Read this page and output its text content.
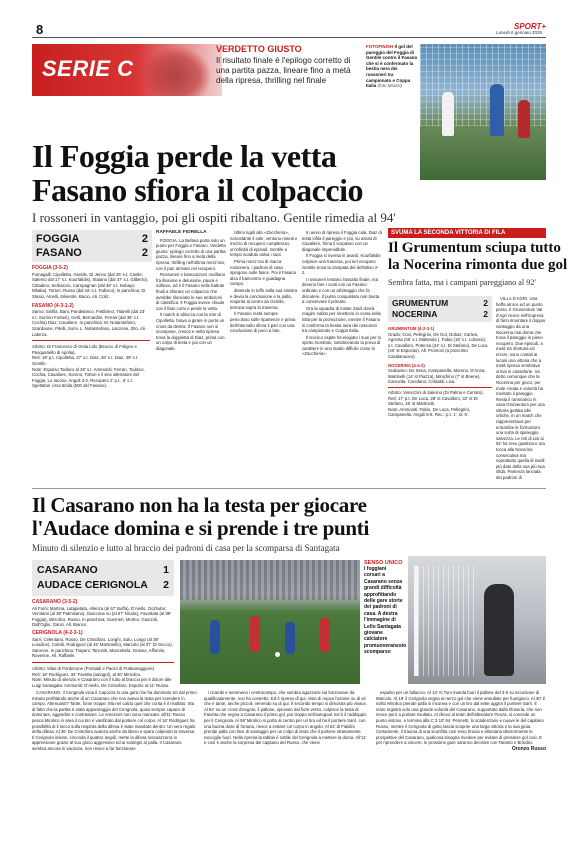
8	SPORT+
Lunedì 6 gennaio 2025
SERIE C
VERDETTO GIUSTO
Il risultato finale è l'epilogo corretto di una partita pazza, lineare fino a metà della ripresa, thrilling nel finale
FOTOFINISH Il gol del pareggio del Foggia di Gentile contro il Fasano che si è confermato la bestia nera dei rossoneri tra campionato e Coppa Italia (foto Maizzi)
Il Foggia perde la vetta
Fasano sfiora il colpaccio
I rossoneri in vantaggio, poi gli ospiti ribaltano. Gentile rimedia al 94'
FOGGIA	2
FASANO	2
FOGGIA (3-5-2)
Fumagalli; Cipolletta, Gentile, Di Jenno (dal 25' s.t. Castle; Salerno dal 17' s.t. Kourfalidis), Staiano (dal 37' s.t. Gilberto), Cittadino, Serbaccio, Carnpagnan (dal 38' s.t. Nobayo Mbaka), Tortori, Russo (dal 16' s.t. Todisco); In panchina: Di Stasio, Amelli, Silvestre, Bacio, Ali. Coliz.
FASANO (4-3-1-2)
Sarno; Sinfila, Bani, Pandelanco, Fiebbrino; Titarelli (dal 23' s.t. Sorrino Fortieri), Gerli, Bernardini, Ferrari (dal 38' s.t. Cochia) Diaz; Cavaliere. In panchina: M. Notarstefano, Scardaone, Pitelli, Somi, L. Notarstefano, Lanzone, Zito, Ali. Laterza.
Arbitro: Di Francesco di Ostia Lido (Bracco di Foligno e Pasquariello di Aprilia).
Reti: 19' p.t. Cipolletta, 27' s.t. Diaz, 36' s.t. Diaz, 49' s.t. Gentile.
Note: Espulso Todisco al 28' s.t. Ammoniti: Ferrari, Todisco, Cochia, Cavaliere, Sorrino, Tortori e il vice allenatore del Foggia, Lo Iacono. Angoli 3-2. Recupero 2' p.t., 6' s.t. Spettatori circa 6mila (500 del Fasano).
RAFFAELE FIORELLA

FOGGIA. La Befana porta solo un punto per Foggia e Fasano. Verdetto giusto: epilogo corretto di una partita pazza, lineare fino a metà della ripresa, thrilling nell'ultima mezz'ora, con il pari arrivato nel recupero.

Rossoneri e biancazzurri oscillano fra illusione e delusione, paura e sollievo, ed è il Fasano nelle battute finali a sfiorare un colpaccio che avrebbe rilanciato le sue ambizioni di classifica. Il Foggia invece chiude con il fiato corto e perde la vetta.

Il match si sblocca con la rete di Cipolletta, bravo a girare in porta un cross da destra. Il Fasano non si scompone, cresce e nella ripresa trova la doppietta di Diaz, prima con un colpo di testa e poi con un diagonale.

Ultimi rigidi allo «Zaccheria», nonostante il sole, ventuno minuti e mezzo di recupero complessivi, un'infinità di episodi. Gentile a tempo scaduto salva i suoi.

Prima mezz'ora di marca rossonera, i padroni di casa spingono sulle fasce. Poi il Fasano alza il baricentro e guadagna campo.

distende in tuffo sulla sua sinistra e devia la conclusione e la palla, respinta al centro da Gentile, termina sopra la traversa.

Il Fasano resta sempre pericoloso sulle ripartenze e prima dell'intervallo sfiora il pari con una conclusione di poco a lato.

In avvio di ripresa il Foggia cala, Diaz di testa infila il pareggio e poi, su assist di Cavaliere, firma il sorpasso con un diagonale imprendibile.

Il Foggia si riversa in avanti, Kourfalidis colpisce una traversa, poi nel recupero Gentile trova la zampata del definitivo 2-2.

I rossoneri tentano l'assalto finale, ma devono fare i conti con un Fasano ordinato e con un arbitraggio che fa discutere. Il punto conquistato non basta a conservare il primato.

Ora la squadra di mister Zauli dovrà reagire subito per rimettersi in corsa nella lotta per la promozione, mentre il Fasano si conferma la bestia nera dei rossoneri tra campionato e Coppa Italia.

Il tecnico ospite ha elogiato i suoi per lo spirito mostrato, sottolineando la prova di carattere in uno stadio difficile come lo «Zaccheria».

SVUMA LA SECONDA VITTORIA DI FILA
Il Grumentum sciupa tutto
la Nocerina rimonta due gol
Sembra fatta, ma i campani pareggiano al 92'
GRUMENTUM	2
NOCERINA	2
GRUMENTUM (4-2-3-1)
Grado; Covi, Pellegrini, De Gol, Dobaz; Carlesi, Agresta (45' s.t. Matteiola ), Fabio (18' s.t. Lobossi); s.t. Cavalloro, Potenza (24' s.t. Di Stefano), De Luca (40' st Esposito). All. Promoni (a proscritto Casalanuovo).
NOCERINA (4-4-2)
Scalavino; De Sena, Campanella, Moreno, D'Anna; Martinelli (14' st Piazza), Minichino (7' st Boene), Camorila, Coriolano; Cristaldi, Lisa.
Arbitro: Venezzini di Salerno (Di Palma e Cerrato).
Reti: 17' p.t. De Luca, 28' st Cavalloro, 32' st Di Stefano, 46' st Martinelli.
Note: Ammoniti: Fabio, De Luca, Pellegrini, Campanella. Angoli 5-6. Rec.: p.t. 1', st. 6'.

VILLA D'AGRI. Una beffa atroce ed un punto perso. Il Grumentum Val d'Agri riesce nell'impresa di farsi rimontare il doppio vantaggio da una Nocerina mai doma che trova il pareggio in pieno recupero. Due episodi, a metà tra sfortuna ed errore, sono costati ai lucani una vittoria che a metà ripresa sembrava ormai in cassaforte. Va detto comunque che la Nocerina per gioco, per mole creata e volontà ha meritato il pareggio. Resta il rammarico in casa Grumentum per una vittoria gettata alle ortiche, in un match che rappresentava per entrambe le formazioni una sorta di spareggio salvezza. Le reti di Lisi ai 92' ha reso giustizia e ora tocca alla Nocerina consecutiva ma soprattutto quella di inutili più dato della sua più sua sfida. Partenza lanciata dei padroni di

Il Casarano non ha la testa per giocare
l'Audace domina e si prende i tre punti
Minuto di silenzio e lutto al braccio dei padroni di casa per la scomparsa di Santagata
CASARANO	1
AUDACE CERIGNOLA 2
CASARANO (3-5-2)
Ali Fumi; Martina, Latapetata, Allenza (al 67' Buffa), D'Aiello, Oozhubo; Verotami (al 38' Palmisano), Giaccone su (al 67' Nicola), Favottata (al 89' Foggia), Mirrolico, Russo. In panchina: Guerrieri, Morleo, Giunzoli, Dall'Oglio, Ganci. All. Bianco.
CERIGNOLA (4-2-3-1)
Sarri; Celentano, Russo, De Cristofaro, Longhi, Sulu, Longo (al 39' Loiodice), Coletti, Rodriguez (al 45' Martiniello), Marcolo (al 37' Di Gecco), Saronne. In panchina: Trapani, Tarroniti, Muscettela, Grasso, Affionito, Rovenne. All. Raffaele.
Arbitro: Silas di Pordenone (Pontaldi e Pacini di Frattamaggiore).
Reti: 18' Rodriguez, 34' Favetta (autogol), al 30' Mirrolico.
Note: Minuto di silenzio e Casarano con il lutto al braccio per il dolore alle Luigi Santagata. Ammoniti: D'Aiello, De Cristofaro. Espulsi: al 11' Russo.
SENSO UNICO
I foggiani corsari a Casarano senza grandi difficoltà approfittando delle gare storte dei padroni di casa. A destra l'immagine di Lello Santagata giovane calciatore promuoveranesto scomparso

CASARANO. Il Cerignola vicia Il Capozza in una gara che ha dominato sin dal primo minuto profittando anche di un Casarano che non aveva la testa per scendere in campo. Attenuanti? Tante, forse troppe. Ma nel calcio quel che conta è il risultato. Sta di fatto che la partita è stata appannaggio del Cerignola, quasi sempre capace di dominare, aggredire e contrastare. Le emozioni non sono mancate: all'11' Russo pesca Mirolico in area il cui tiro è vanificato dal portiere col corpo. Al 16' Rodriguez ha possibilità di il tocco sulla respinta della difesa è stato mandato dentro. Un vero regalo della difesa. Al 36' De Cristoforo avanza anche da libero e spara colpendo la traversa. Il Cerignola insiste, circonda il quattro angoli, mette la difesa rossoazzurra in apprensione grazie al suo gioco aggressivo ed ai sostegni ai palla. Il Casarano sembra ancora in vacanza, non riesce a far funzionare

i ricambi e nemmeno i centrocampo, che sembra aguzzarsi sia funzionare da qualificatamente, non ha costretto. Ed è ripreso di qui, visto di nuovo l'azione su di sé che è tante, anche piccoli, venendo su di qui. Il secondo tempo si dimostra più vivace. Al 54' su un cross d'angolo, il pallone, spiovuto dal fiore vento, colpisce la testa di Favetta che segna a Casarano il primo gol, pur troppo nell'autogoal. Ed è il raddoppio per il Cerignola. Al 58' Mirolico si porta al centro per un tiro ed ha il portiere Sarri, con una buona dose di fortuna, riesce a evitare col corpo in angolo. Al 64' di Fialdini prende palla con fare di vantaggio per un colpo di testa che il portiere stranamente raccoglie fuori. Nella ripresa la rabbia è sottile del Cerignola a mettere la doma. All'11' e così è anche la sorpresa del capitano del Russo, che viene

espulso per un fallaccio. Al 13' Al Tuni manda fuori il pallone del 3-0 su incursione di Marcolo. Al 19' il Cerignola segna un terzo gol che viene annullato per fuorigioco. Al 30' il solito Mirolico prende palla si incunea e con un tiro dal sette aggira il portiere Sarri. Il resto registra solo una grande volontà del Casarano, supportato dalla tifoseria, che non riesce però a portare risultato. Al rilievo al team dell'allenatore Penza, si concede un punto vistoso, e termina alla C 3 10' 94. Pennetti, lo scadenzario e nuove le del capitano Russo, mentre il Cerignola di getto lascia scoprire una larga vittoria e la sua gioia. Certamente, il trauma di una sconfitta così esso brucia e allontana ulteriormente le prospettive del Casarano, qualcosa bisogna rivedere per evitare di prendere gol così. E per riprendere a vincere, le prossime gare saranno decisive con Taranto e Brindisi.

Oronzo Russo
